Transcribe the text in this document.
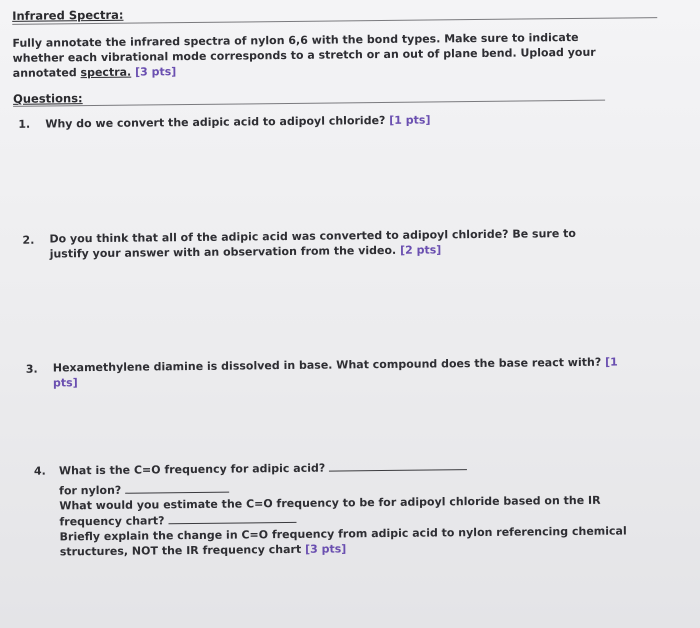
Infrared Spectra:
Fully annotate the infrared spectra of nylon 6,6 with the bond types. Make sure to indicate
whether each vibrational mode corresponds to a stretch or an out of plane bend. Upload your
annotated spectra. [3 pts]
Questions:
1. Why do we convert the adipic acid to adipoyl chloride? [1 pts]
2. Do you think that all of the adipic acid was converted to adipoyl chloride? Be sure to
justify your answer with an observation from the video. [2 pts]
3. Hexamethylene diamine is dissolved in base. What compound does the base react with? [1
pts]
4. What is the C=O frequency for adipic acid?
for nylon?
What would you estimate the C=O frequency to be for adipoyl chloride based on the IR
frequency chart?
Briefly explain the change in C=O frequency from adipic acid to nylon referencing chemical
structures, NOT the IR frequency chart [3 pts]
